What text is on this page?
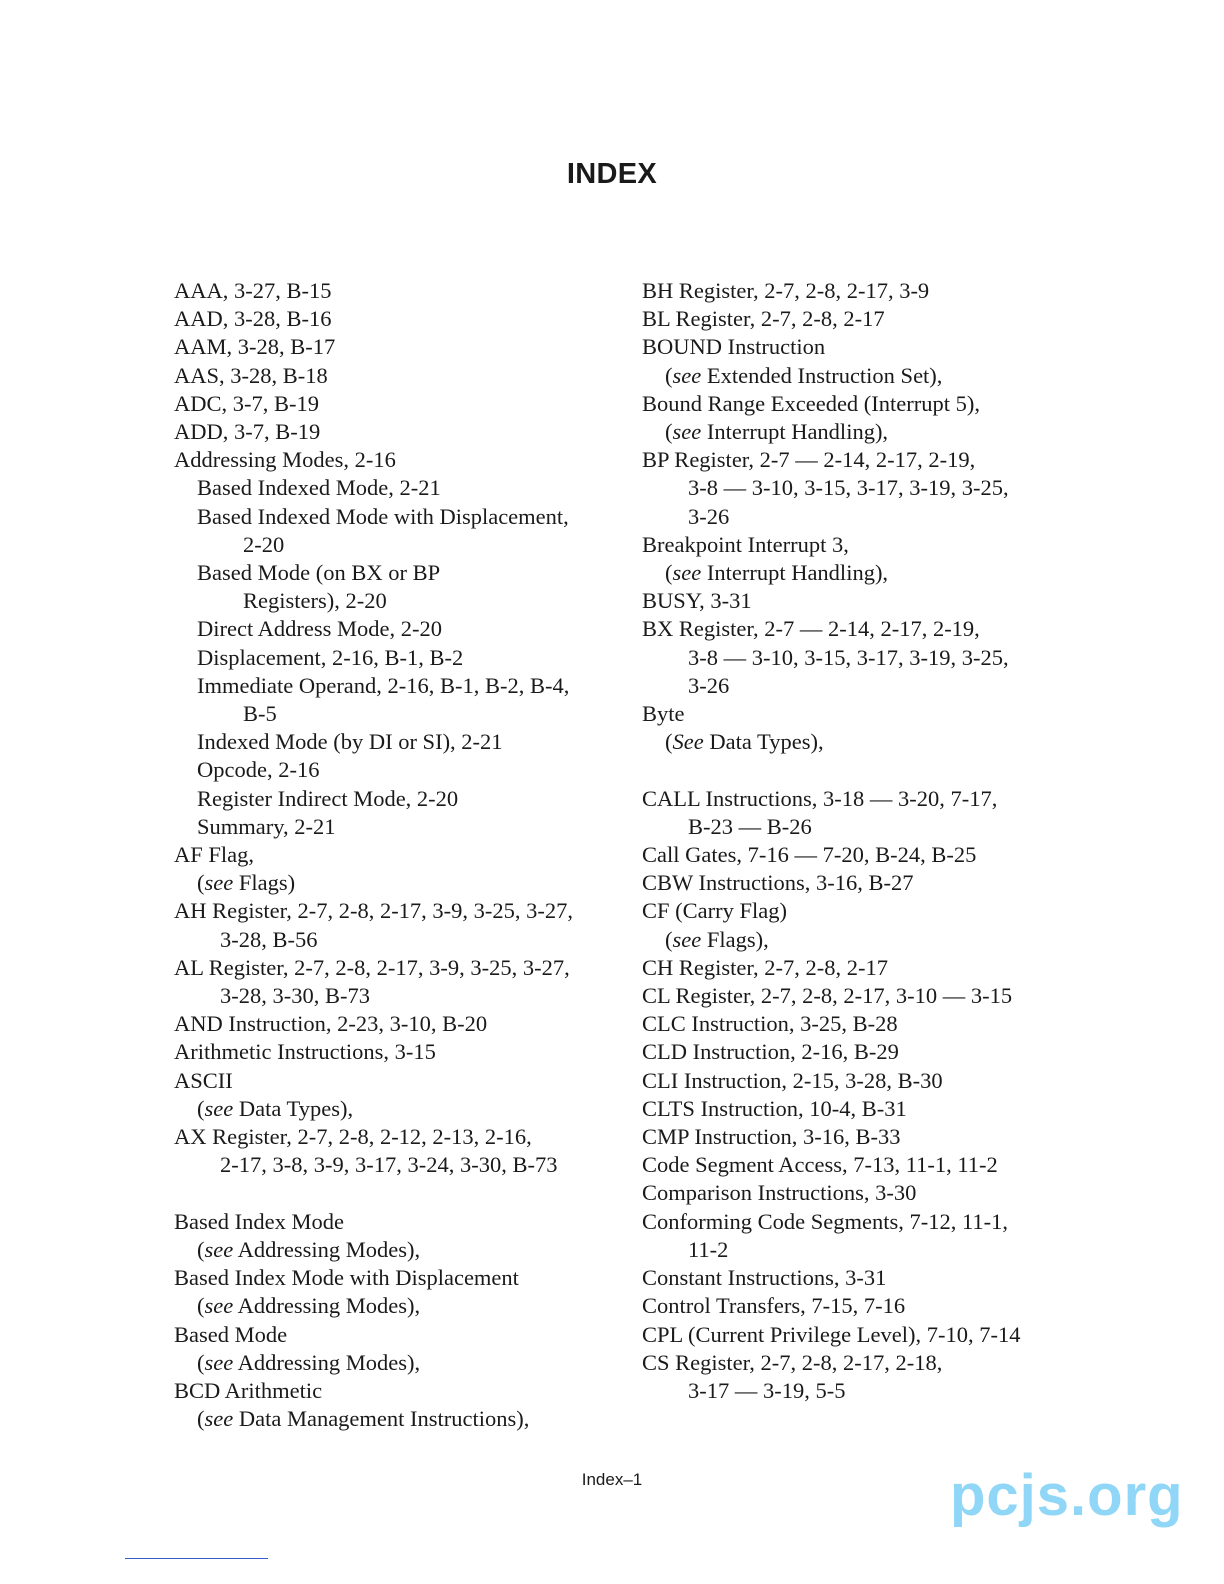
INDEX
AAA, 3-27, B-15
AAD, 3-28, B-16
AAM, 3-28, B-17
AAS, 3-28, B-18
ADC, 3-7, B-19
ADD, 3-7, B-19
Addressing Modes, 2-16
Based Indexed Mode, 2-21
Based Indexed Mode with Displacement,
2-20
Based Mode (on BX or BP
Registers), 2-20
Direct Address Mode, 2-20
Displacement, 2-16, B-1, B-2
Immediate Operand, 2-16, B-1, B-2, B-4,
B-5
Indexed Mode (by DI or SI), 2-21
Opcode, 2-16
Register Indirect Mode, 2-20
Summary, 2-21
AF Flag,
(see Flags)
AH Register, 2-7, 2-8, 2-17, 3-9, 3-25, 3-27,
3-28, B-56
AL Register, 2-7, 2-8, 2-17, 3-9, 3-25, 3-27,
3-28, 3-30, B-73
AND Instruction, 2-23, 3-10, B-20
Arithmetic Instructions, 3-15
ASCII
(see Data Types),
AX Register, 2-7, 2-8, 2-12, 2-13, 2-16,
2-17, 3-8, 3-9, 3-17, 3-24, 3-30, B-73
Based Index Mode
(see Addressing Modes),
Based Index Mode with Displacement
(see Addressing Modes),
Based Mode
(see Addressing Modes),
BCD Arithmetic
(see Data Management Instructions),
BH Register, 2-7, 2-8, 2-17, 3-9
BL Register, 2-7, 2-8, 2-17
BOUND Instruction
(see Extended Instruction Set),
Bound Range Exceeded (Interrupt 5),
(see Interrupt Handling),
BP Register, 2-7 — 2-14, 2-17, 2-19,
3-8 — 3-10, 3-15, 3-17, 3-19, 3-25,
3-26
Breakpoint Interrupt 3,
(see Interrupt Handling),
BUSY, 3-31
BX Register, 2-7 — 2-14, 2-17, 2-19,
3-8 — 3-10, 3-15, 3-17, 3-19, 3-25,
3-26
Byte
(See Data Types),
CALL Instructions, 3-18 — 3-20, 7-17,
B-23 — B-26
Call Gates, 7-16 — 7-20, B-24, B-25
CBW Instructions, 3-16, B-27
CF (Carry Flag)
(see Flags),
CH Register, 2-7, 2-8, 2-17
CL Register, 2-7, 2-8, 2-17, 3-10 — 3-15
CLC Instruction, 3-25, B-28
CLD Instruction, 2-16, B-29
CLI Instruction, 2-15, 3-28, B-30
CLTS Instruction, 10-4, B-31
CMP Instruction, 3-16, B-33
Code Segment Access, 7-13, 11-1, 11-2
Comparison Instructions, 3-30
Conforming Code Segments, 7-12, 11-1,
11-2
Constant Instructions, 3-31
Control Transfers, 7-15, 7-16
CPL (Current Privilege Level), 7-10, 7-14
CS Register, 2-7, 2-8, 2-17, 2-18,
3-17 — 3-19, 5-5
Index–1	pcjs.org
